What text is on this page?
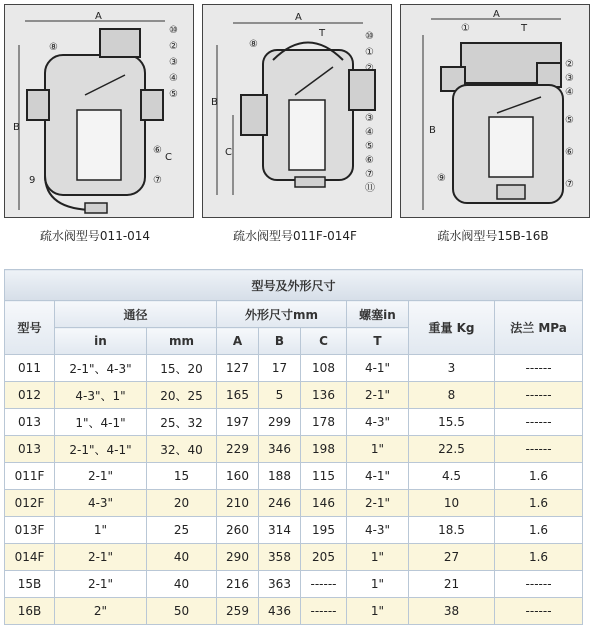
A
B
C
⑧
⑩
②
③
④
⑤
⑥
⑦
9
A
T
B
C
⑧
⑩
①
②
③
④
⑤
⑥
⑦
⑪
A
T
B
①
②
③
④
⑤
⑥
⑦
⑨
疏水阀型号011-014	疏水阀型号011F-014F	疏水阀型号15B-16B
型号及外形尺寸								
型号	通径		外形尺寸mm			螺塞in	重量 Kg	法兰 MPa
	in	mm	A	B	C	T		
011	2-1"、4-3"	15、20	127	17	108	4-1"	3	------
012	4-3"、1"	20、25	165	5	136	2-1"	8	------
013	1"、4-1"	25、32	197	299	178	4-3"	15.5	------
013	2-1"、4-1"	32、40	229	346	198	1"	22.5	------
011F	2-1"	15	160	188	115	4-1"	4.5	1.6
012F	4-3"	20	210	246	146	2-1"	10	1.6
013F	1"	25	260	314	195	4-3"	18.5	1.6
014F	2-1"	40	290	358	205	1"	27	1.6
15B	2-1"	40	216	363	------	1"	21	------
16B	2"	50	259	436	------	1"	38	------
